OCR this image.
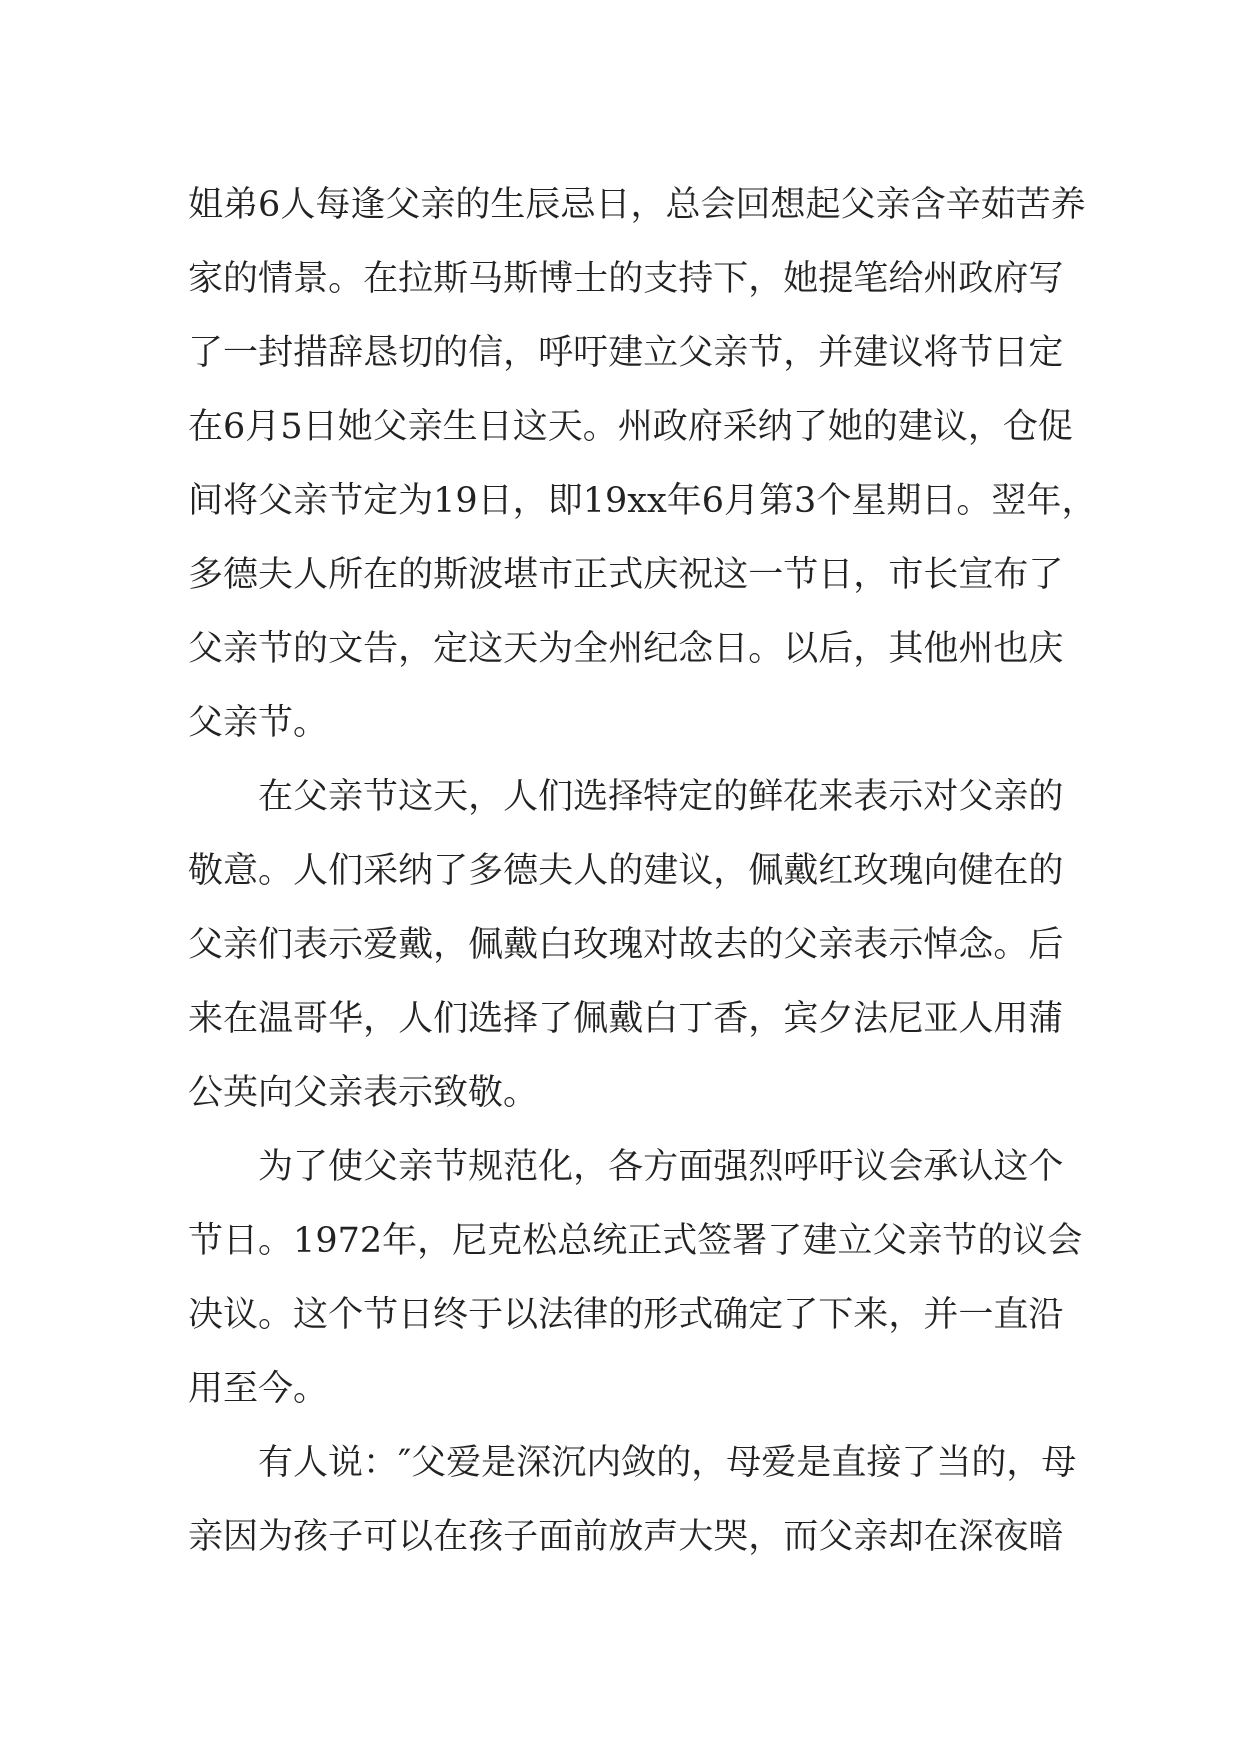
姐 弟 6 人 每 逢 父 亲 的 生 辰 忌 日 ， 总 会 回 想 起 父 亲 含 辛 茹 苦 养
家 的 情 景 。 在 拉 斯 马 斯 博 士 的 支 持 下 ， 她 提 笔 给 州 政 府 写
了 一 封 措 辞 恳 切 的 信 ， 呼 吁 建 立 父 亲 节 ， 并 建 议 将 节 日 定
在 6 月 5 日 她 父 亲 生 日 这 天 。 州 政 府 采 纳 了 她 的 建 议 ， 仓 促
间 将 父 亲 节 定 为 19 日 ， 即 19xx 年 6 月 第 3 个 星 期 日 。 翌 年 ，
多 德 夫 人 所 在 的 斯 波 堪 市 正 式 庆 祝 这 一 节 日 ， 市 长 宣 布 了
父 亲 节 的 文 告 ， 定 这 天 为 全 州 纪 念 日 。 以 后 ， 其 他 州 也 庆
父亲节。
在 父 亲 节 这 天 ， 人 们 选 择 特 定 的 鲜 花 来 表 示 对 父 亲 的
敬 意 。 人 们 采 纳 了 多 德 夫 人 的 建 议 ， 佩 戴 红 玫 瑰 向 健 在 的
父 亲 们 表 示 爱 戴 ， 佩 戴 白 玫 瑰 对 故 去 的 父 亲 表 示 悼 念 。 后
来 在 温 哥 华 ， 人 们 选 择 了 佩 戴 白 丁 香 ， 宾 夕 法 尼 亚 人 用 蒲
公英向父亲表示致敬。
为 了 使 父 亲 节 规 范 化 ， 各 方 面 强 烈 呼 吁 议 会 承 认 这 个
节 日 。 1972 年 ， 尼 克 松 总 统 正 式 签 署 了 建 立 父 亲 节 的 议 会
决 议 。 这 个 节 日 终 于 以 法 律 的 形 式 确 定 了 下 来 ， 并 一 直 沿
用至今。
有 人 说 ： ″ 父 爱 是 深 沉 内 敛 的 ， 母 爱 是 直 接 了 当 的 ， 母
亲 因 为 孩 子 可 以 在 孩 子 面 前 放 声 大 哭 ， 而 父 亲 却 在 深 夜 暗
